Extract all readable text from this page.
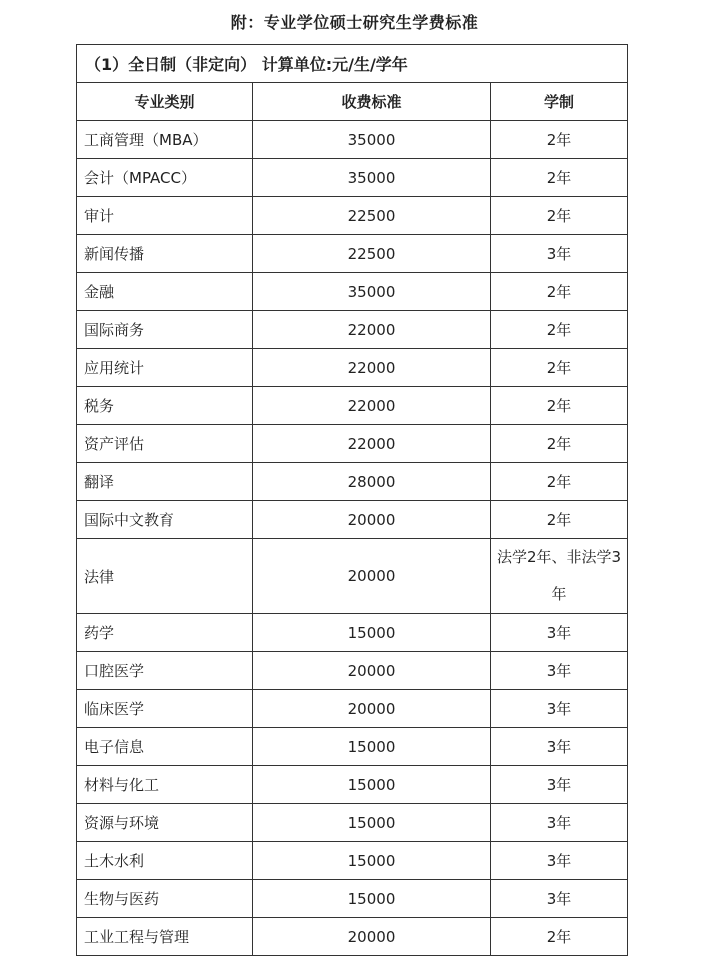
附：专业学位硕士研究生学费标准
（1）全日制（非定向） 计算单位:元/生/学年		
专业类别	收费标准	学制
工商管理（MBA）	35000	2年
会计（MPACC）	35000	2年
审计	22500	2年
新闻传播	22500	3年
金融	35000	2年
国际商务	22000	2年
应用统计	22000	2年
税务	22000	2年
资产评估	22000	2年
翻译	28000	2年
国际中文教育	20000	2年
法律	20000	法学2年、非法学3年
药学	15000	3年
口腔医学	20000	3年
临床医学	20000	3年
电子信息	15000	3年
材料与化工	15000	3年
资源与环境	15000	3年
土木水利	15000	3年
生物与医药	15000	3年
工业工程与管理	20000	2年
